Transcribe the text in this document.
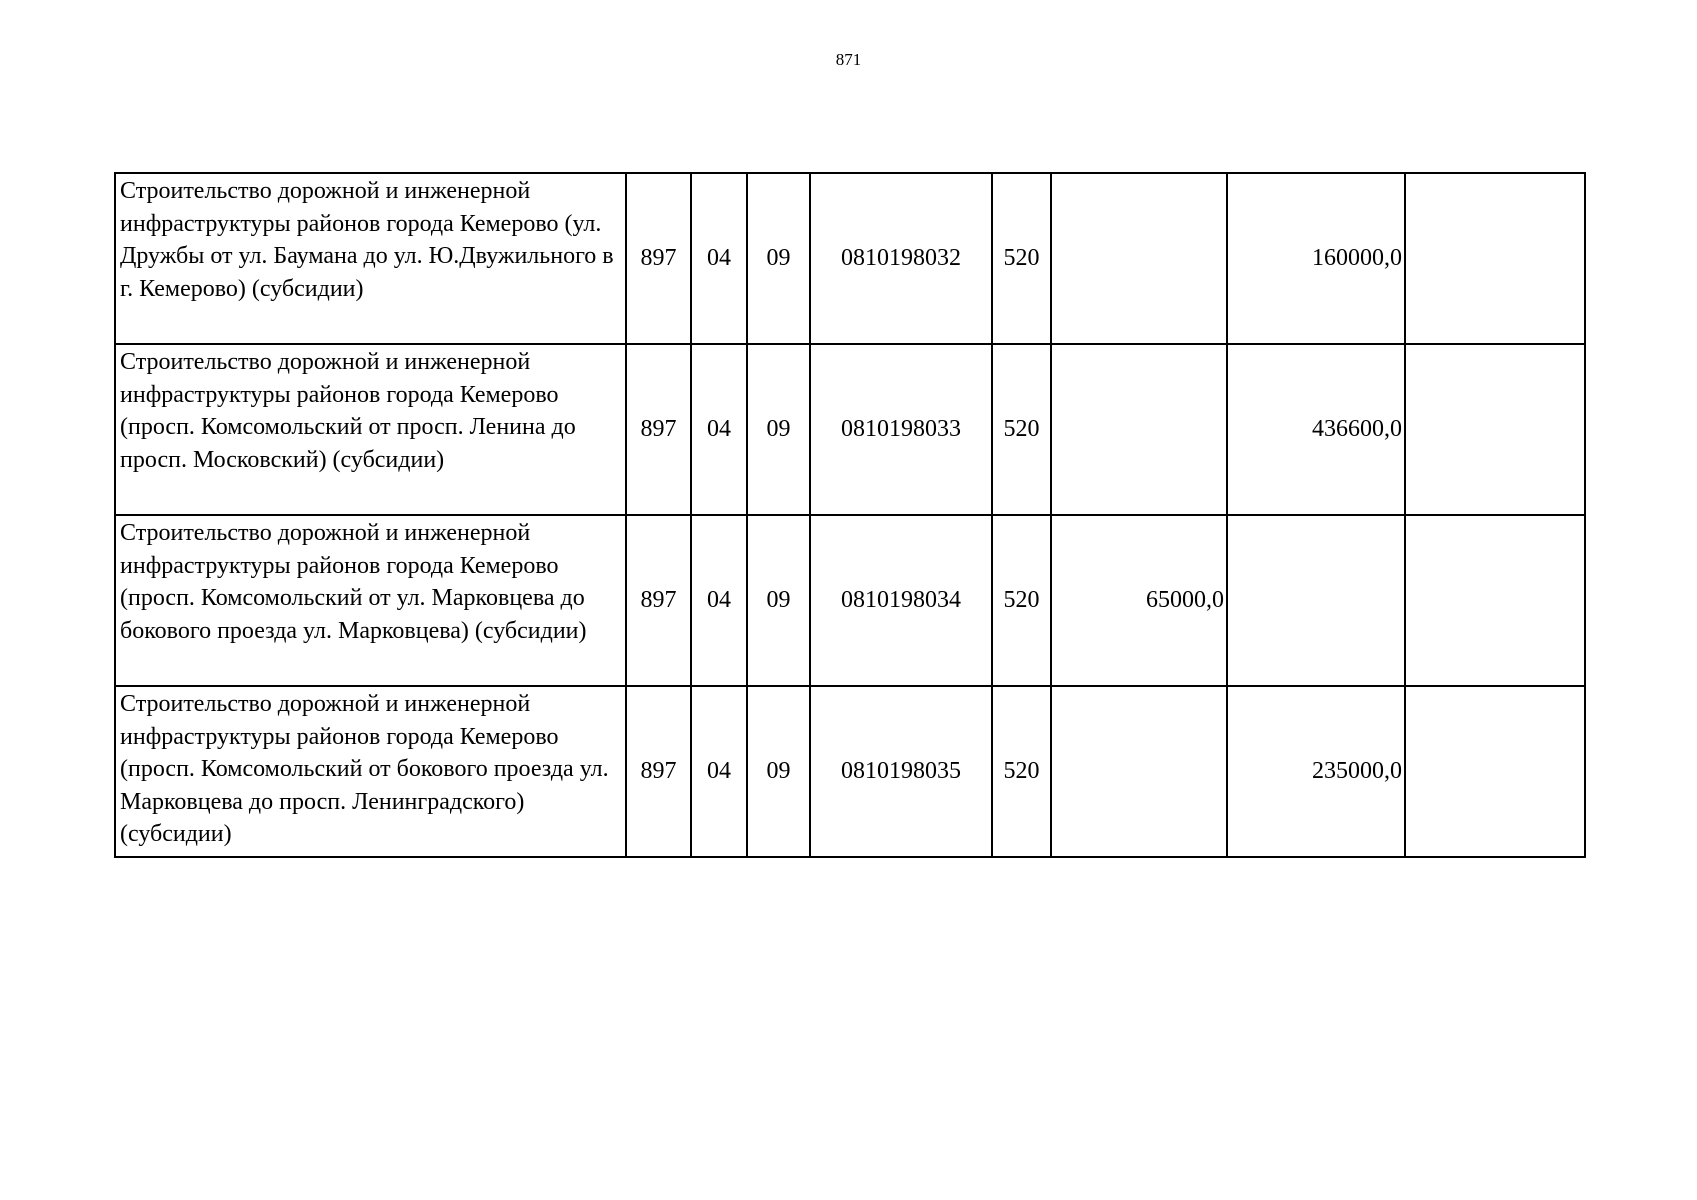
871
Строительство дорожной и инженерной инфраструктуры районов города Кемерово (ул. Дружбы от ул. Баумана до ул. Ю.Двужильного в г. Кемерово) (субсидии)	897	04	09	0810198032	520		160000,0	
Строительство дорожной и инженерной инфраструктуры районов города Кемерово (просп. Комсомольский от просп. Ленина до просп. Московский) (субсидии)	897	04	09	0810198033	520		436600,0	
Строительство дорожной и инженерной инфраструктуры районов города Кемерово (просп. Комсомольский от ул. Марковцева до бокового проезда ул. Марковцева) (субсидии)	897	04	09	0810198034	520	65000,0		
Строительство дорожной и инженерной инфраструктуры районов города Кемерово (просп. Комсомольский от бокового проезда ул. Марковцева до просп. Ленинградского) (субсидии)	897	04	09	0810198035	520		235000,0	
